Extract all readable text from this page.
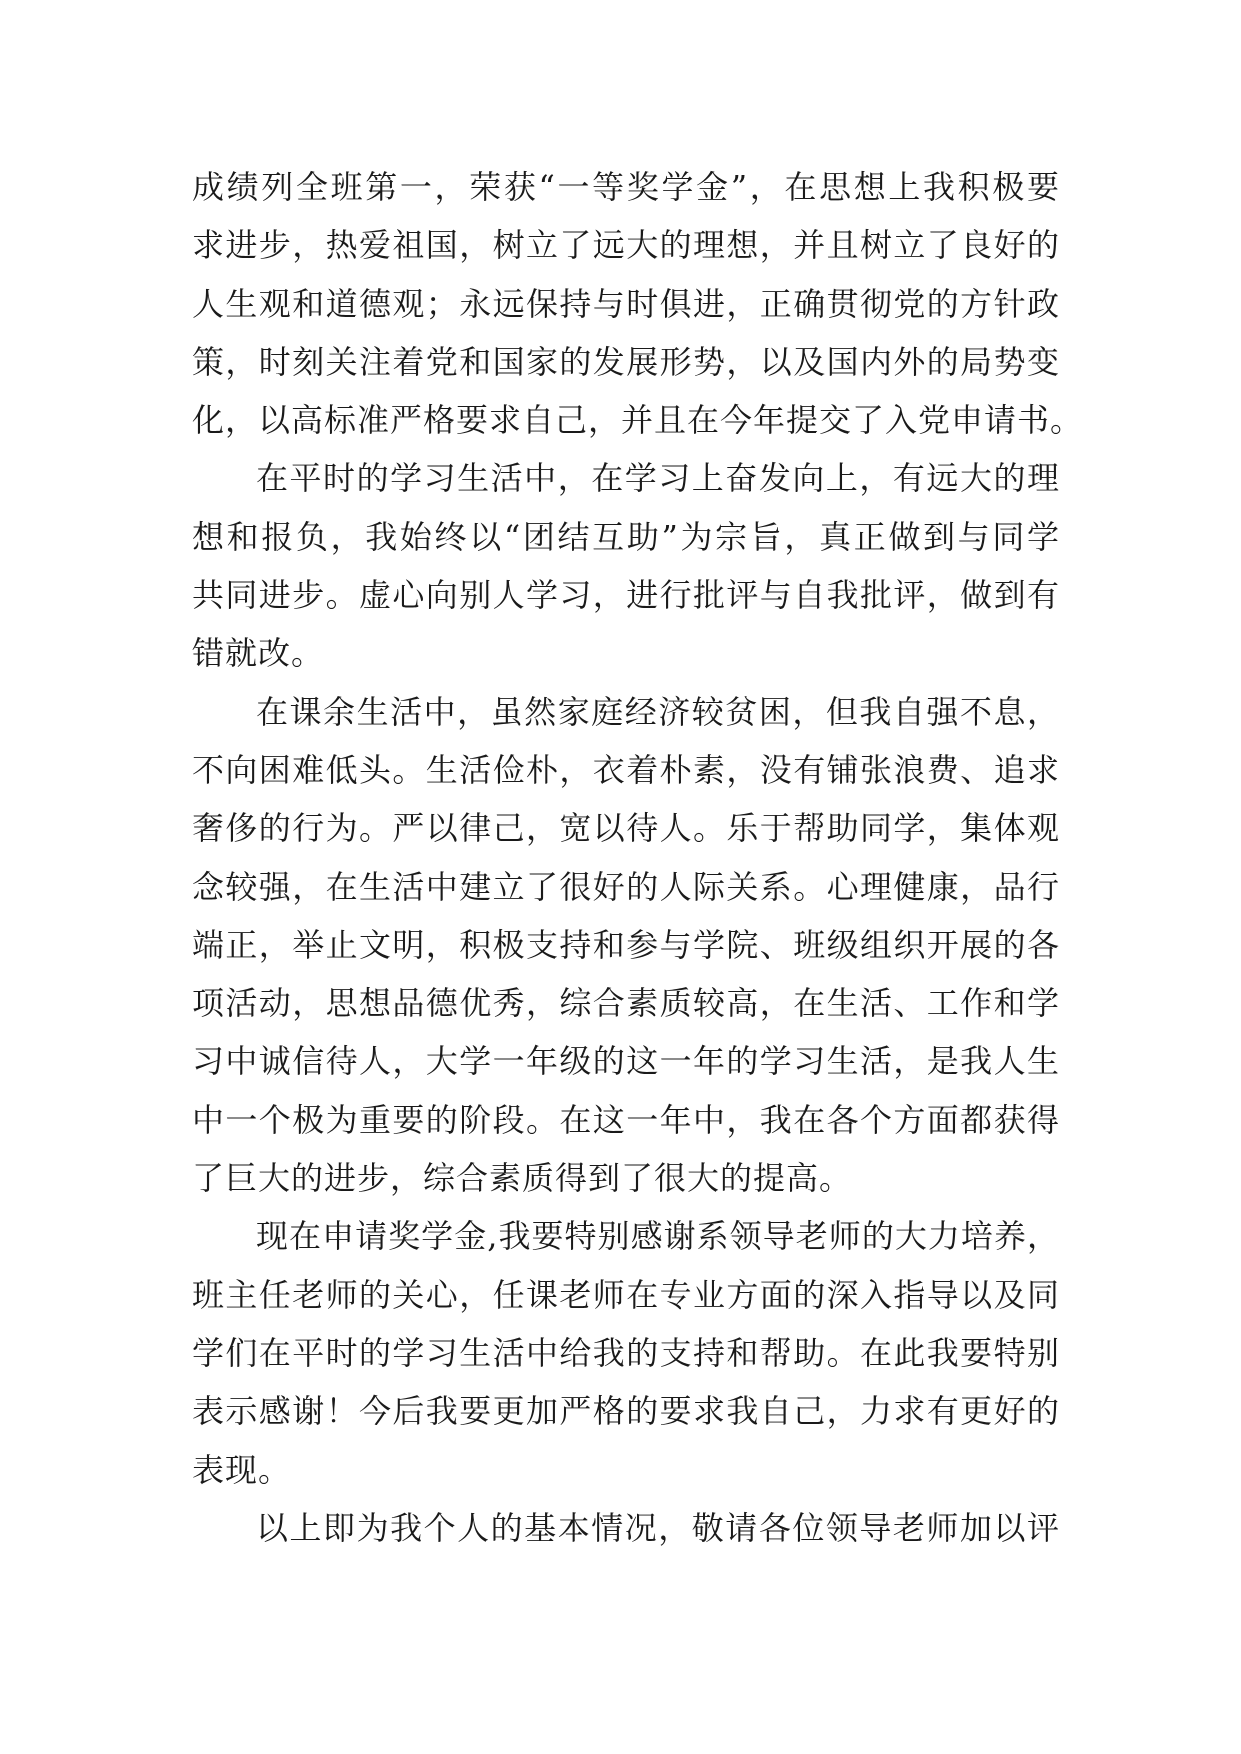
成绩列全班第一，荣获“一等奖学金”，在思想上我积极要
求进步，热爱祖国，树立了远大的理想，并且树立了良好的
人生观和道德观；永远保持与时俱进，正确贯彻党的方针政
策，时刻关注着党和国家的发展形势，以及国内外的局势变
化，以高标准严格要求自己，并且在今年提交了入党申请书。
在平时的学习生活中，在学习上奋发向上，有远大的理
想和报负，我始终以“团结互助”为宗旨，真正做到与同学
共同进步。虚心向别人学习，进行批评与自我批评，做到有
错就改。
在课余生活中，虽然家庭经济较贫困，但我自强不息，
不向困难低头。生活俭朴，衣着朴素，没有铺张浪费、追求
奢侈的行为。严以律己，宽以待人。乐于帮助同学，集体观
念较强，在生活中建立了很好的人际关系。心理健康，品行
端正，举止文明，积极支持和参与学院、班级组织开展的各
项活动，思想品德优秀，综合素质较高，在生活、工作和学
习中诚信待人，大学一年级的这一年的学习生活，是我人生
中一个极为重要的阶段。在这一年中，我在各个方面都获得
了巨大的进步，综合素质得到了很大的提高。
现在申请奖学金,我要特别感谢系领导老师的大力培养，
班主任老师的关心，任课老师在专业方面的深入指导以及同
学们在平时的学习生活中给我的支持和帮助。在此我要特别
表示感谢！今后我要更加严格的要求我自己，力求有更好的
表现。
以上即为我个人的基本情况，敬请各位领导老师加以评
